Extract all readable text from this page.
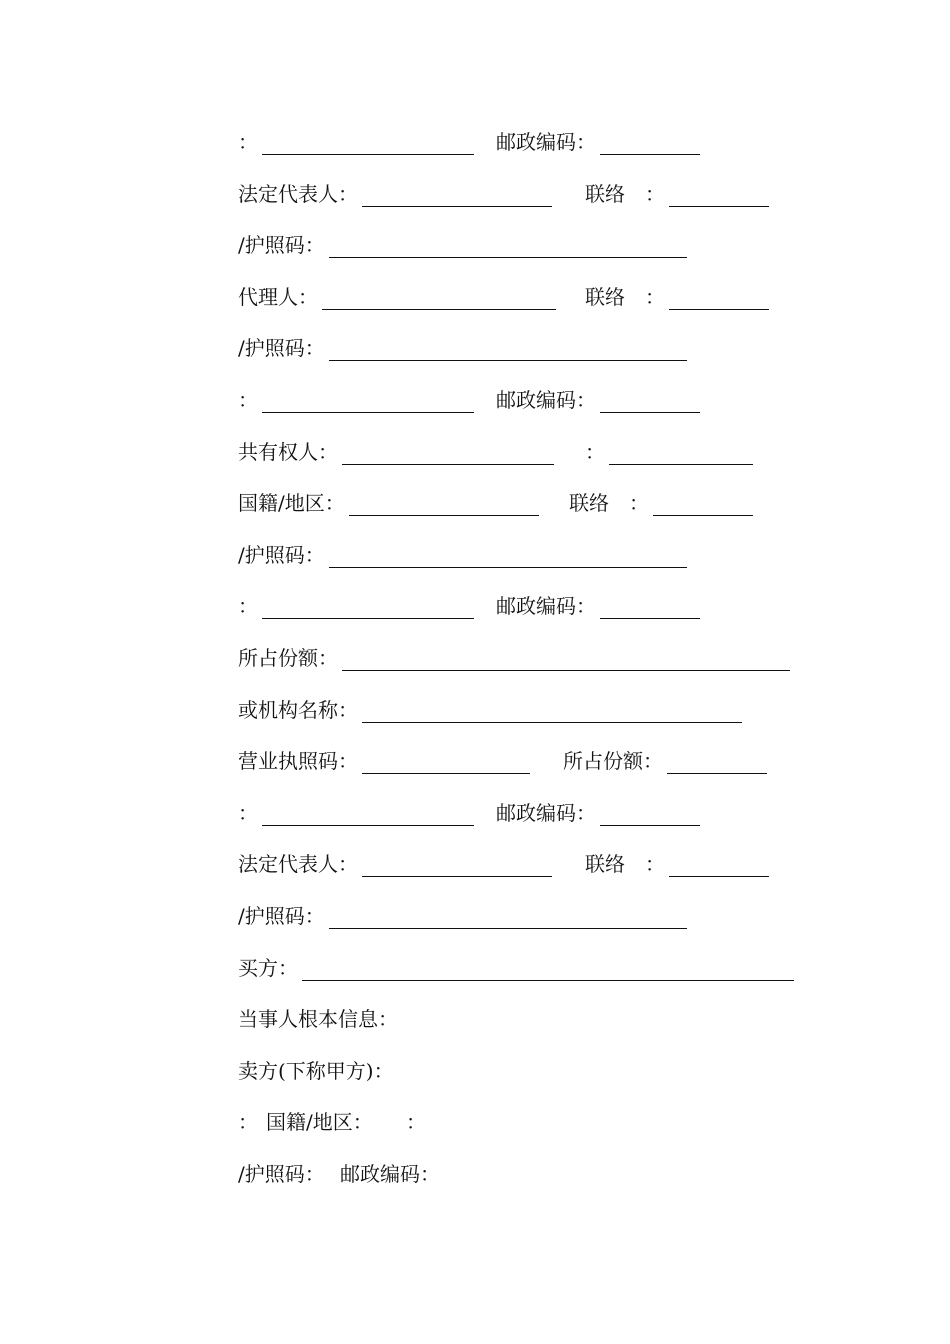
：	邮政编码：
法定代表人：	联络　：
/护照码：
代理人：	联络　：
/护照码：
：	邮政编码：
共有权人：	：
国籍/地区：	联络　：
/护照码：
：	邮政编码：
所占份额：
或机构名称：
营业执照码：	所占份额：
：	邮政编码：
法定代表人：	联络　：
/护照码：
买方：
当事人根本信息：
卖方(下称甲方)：
： 国籍/地区： ：
/护照码： 邮政编码：
